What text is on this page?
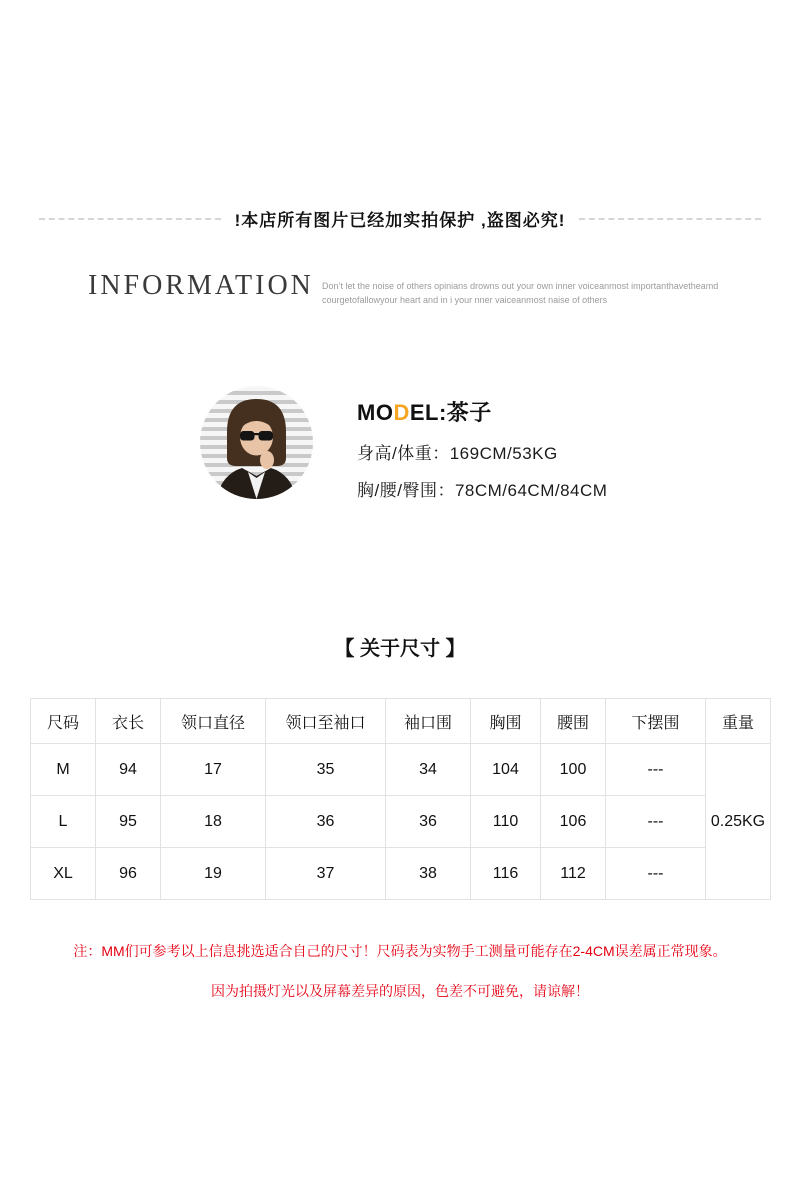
!本店所有图片已经加实拍保护 ,盗图必究!
INFORMATION Don’t let the noise of others opinians drowns out your own inner voiceanmost importanthavetheamd
courgetofallowyour heart and in i your nner vaiceanmost naise of others
MODEL:茶子
身高/体重：169CM/53KG
胸/腰/臀围：78CM/64CM/84CM
【 关于尺寸 】
尺码	衣长	领口直径	领口至袖口	袖口围	胸围	腰围	下摆围	重量
M	94	17	35	34	104	100	---	0.25KG
L	95	18	36	36	110	106	---	
XL	96	19	37	38	116	112	---	
注：MM们可参考以上信息挑选适合自己的尺寸！尺码表为实物手工测量可能存在2-4CM误差属正常现象。
因为拍摄灯光以及屏幕差异的原因，色差不可避免，请谅解！
